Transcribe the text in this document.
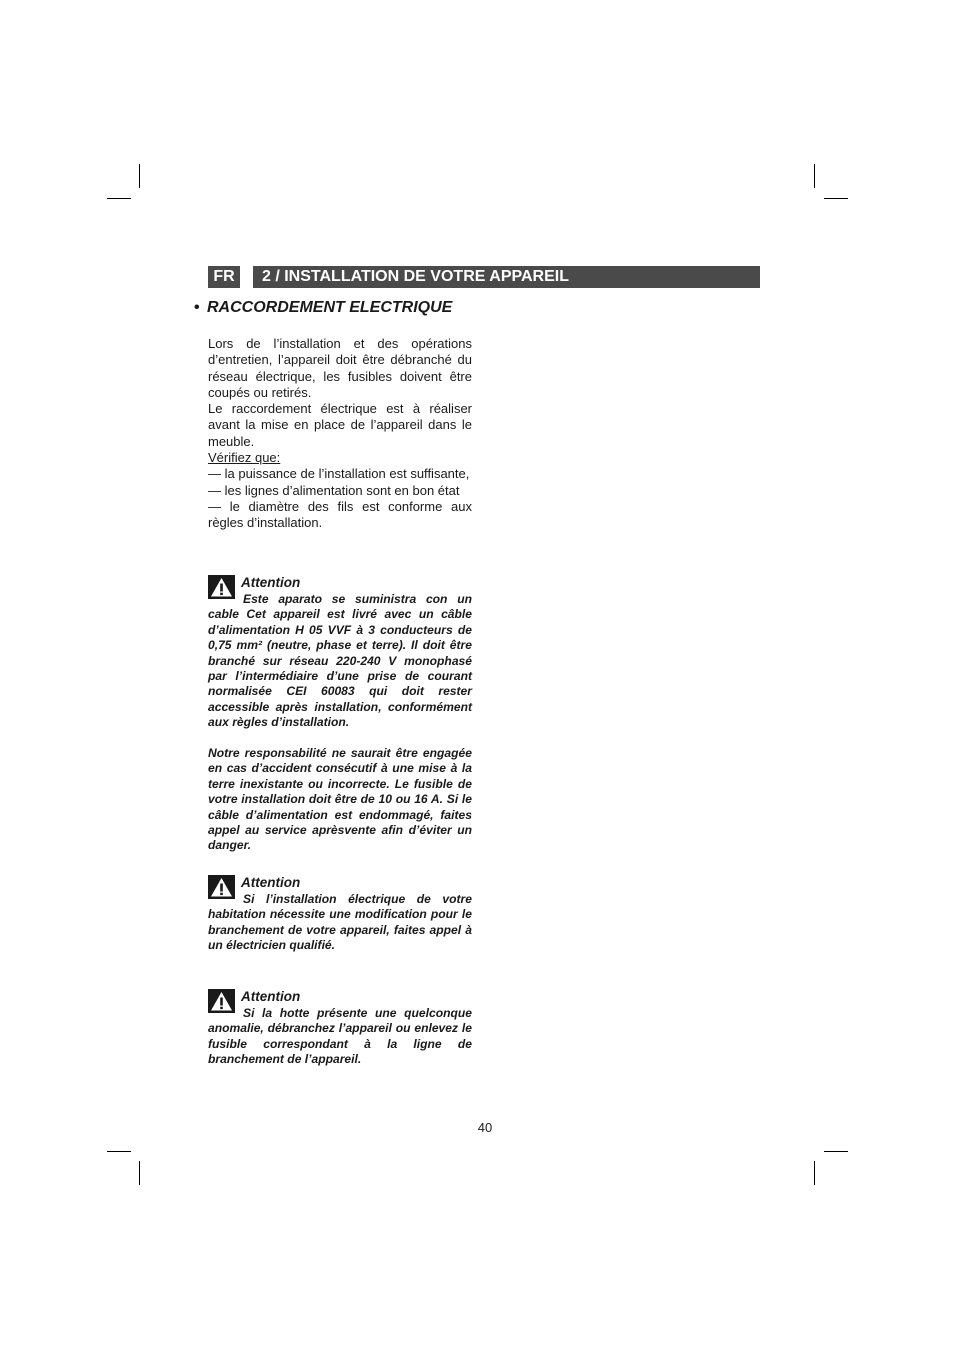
FR	2 / INSTALLATION DE VOTRE APPAREIL
• RACCORDEMENT ELECTRIQUE

Lors de l’installation et des opérations d’entretien, l’appareil doit être débranché du réseau électrique, les fusibles doivent être coupés ou retirés.

Le raccordement électrique est à réaliser avant la mise en place de l’appareil dans le meuble.

Vérifiez que:

— la puissance de l’installation est suffisante,

— les lignes d’alimentation sont en bon état

— le diamètre des fils est conforme aux règles d’installation.

Attention

Este aparato se suministra con un cable Cet appareil est livré avec un câble d’alimentation H 05 VVF à 3 conducteurs de 0,75 mm² (neutre, phase et terre). Il doit être branché sur réseau 220-240 V monophasé par l’intermédiaire d’une prise de courant normalisée CEI 60083 qui doit rester accessible après installation, conformément aux règles d’installation.

Notre responsabilité ne saurait être engagée en cas d’accident consécutif à une mise à la terre inexistante ou incorrecte. Le fusible de votre installation doit être de 10 ou 16 A. Si le câble d’alimentation est endommagé, faites appel au service aprèsvente afin d’éviter un danger.

Attention

Si l’installation électrique de votre habitation nécessite une modification pour le branchement de votre appareil, faites appel à un électricien qualifié.

Attention

Si la hotte présente une quelconque anomalie, débranchez l’appareil ou enlevez le fusible correspondant à la ligne de branchement de l’appareil.

40
